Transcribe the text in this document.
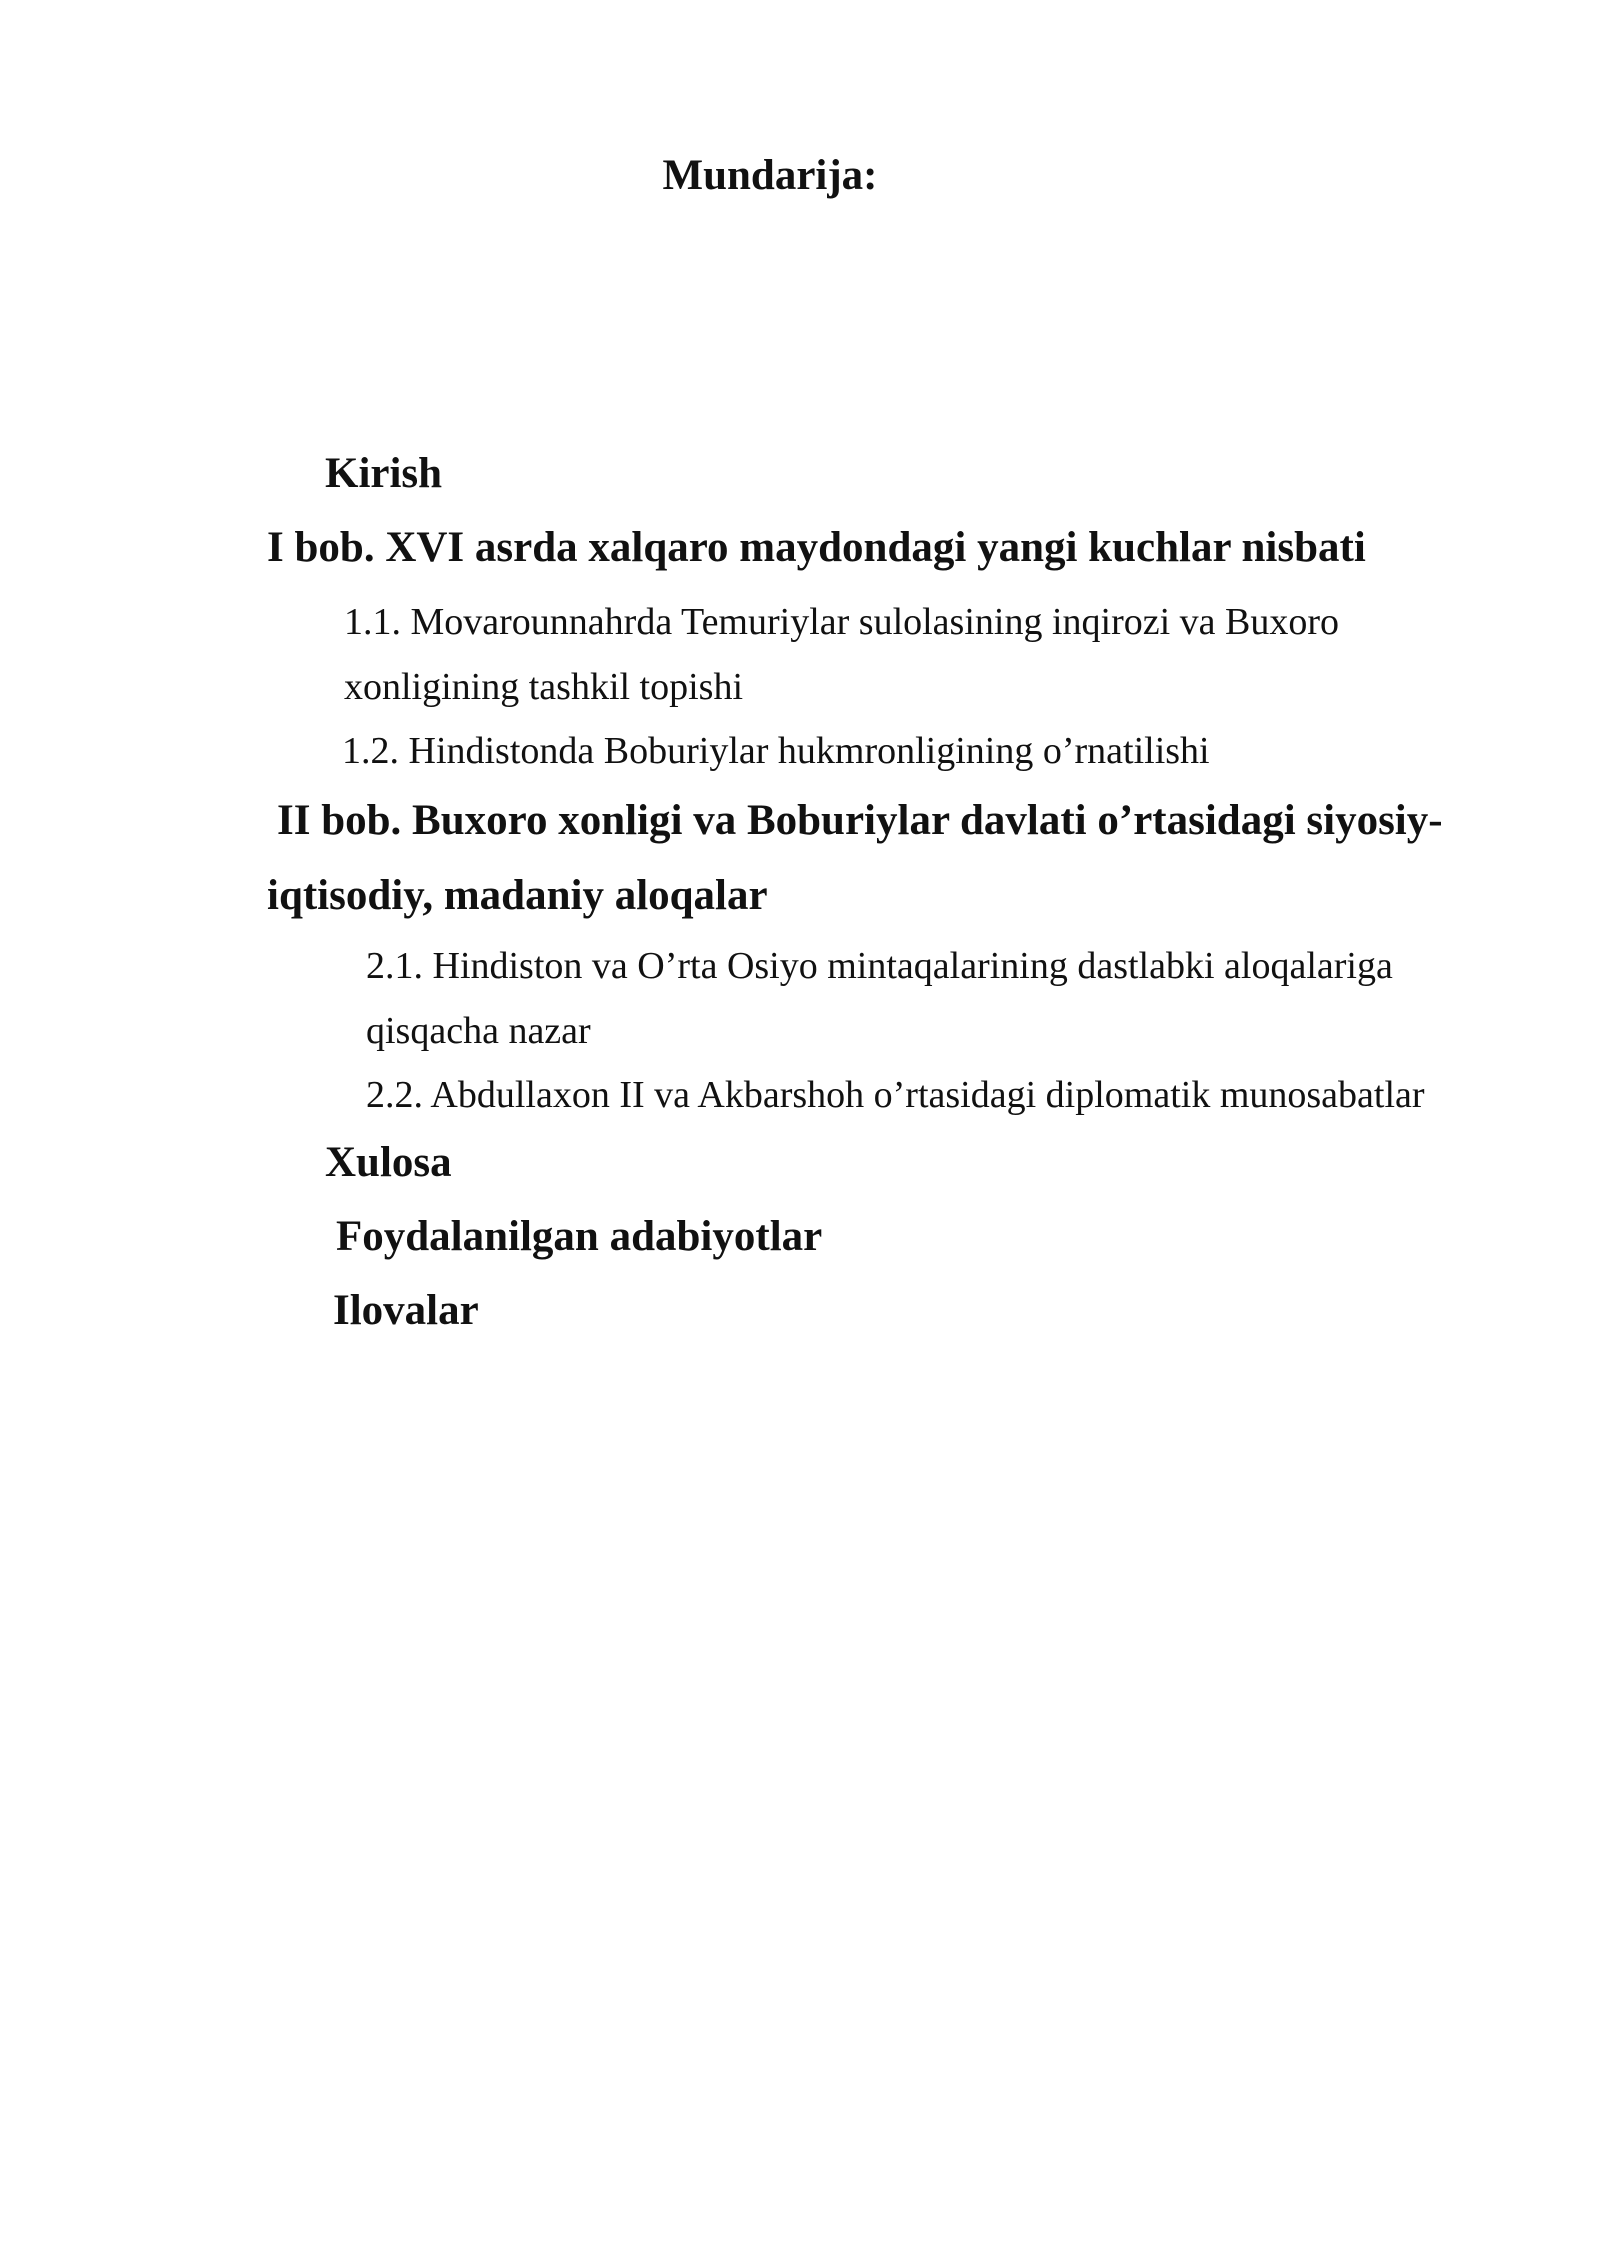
Mundarija:
Kirish
I bob. XVI asrda xalqaro maydondagi yangi kuchlar nisbati
1.1. Movarounnahrda Temuriylar sulolasining inqirozi va Buxoro xonligining tashkil topishi
1.2. Hindistonda Boburiylar hukmronligining o’rnatilishi
II bob. Buxoro xonligi va Boburiylar davlati o’rtasidagi siyosiy-iqtisodiy, madaniy aloqalar
2.1. Hindiston va O’rta Osiyo mintaqalarining dastlabki aloqalariga qisqacha nazar
2.2. Abdullaxon II va Akbarshoh o’rtasidagi diplomatik munosabatlar
Xulosa
Foydalanilgan adabiyotlar
Ilovalar
